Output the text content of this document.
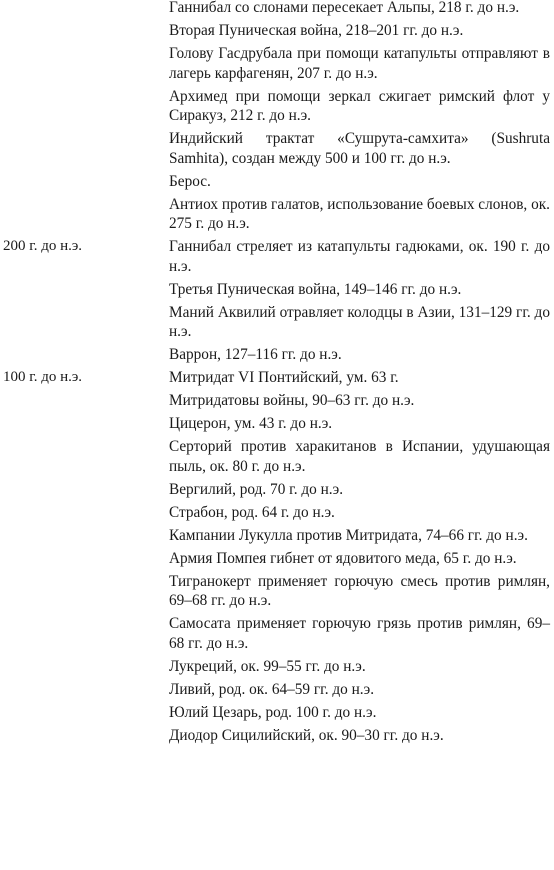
Ганнибал со слонами пересекает Альпы, 218 г. до н.э.
Вторая Пуническая война, 218–201 гг. до н.э.
Голову Гасдрубала при помощи катапульты отправляют в лагерь карфагенян, 207 г. до н.э.
Архимед при помощи зеркал сжигает римский флот у Сиракуз, 212 г. до н.э.
Индийский трактат «Сушрута-самхита» (Sushruta Samhita), создан между 500 и 100 гг. до н.э.
Берос.
Антиох против галатов, использование боевых слонов, ок. 275 г. до н.э.
200 г. до н.э.	Ганнибал стреляет из катапульты гадюками, ок. 190 г. до н.э.
Третья Пуническая война, 149–146 гг. до н.э.
Маний Аквилий отравляет колодцы в Азии, 131–129 гг. до н.э.
Варрон, 127–116 гг. до н.э.
100 г. до н.э.	Митридат VI Понтийский, ум. 63 г.
Митридатовы войны, 90–63 гг. до н.э.
Цицерон, ум. 43 г. до н.э.
Серторий против харакитанов в Испании, удушающая пыль, ок. 80 г. до н.э.
Вергилий, род. 70 г. до н.э.
Страбон, род. 64 г. до н.э.
Кампании Лукулла против Митридата, 74–66 гг. до н.э.
Армия Помпея гибнет от ядовитого меда, 65 г. до н.э.
Тигранокерт применяет горючую смесь против римлян, 69–68 гг. до н.э.
Самосата применяет горючую грязь против римлян, 69–68 гг. до н.э.
Лукреций, ок. 99–55 гг. до н.э.
Ливий, род. ок. 64–59 гг. до н.э.
Юлий Цезарь, род. 100 г. до н.э.
Диодор Сицилийский, ок. 90–30 гг. до н.э.
